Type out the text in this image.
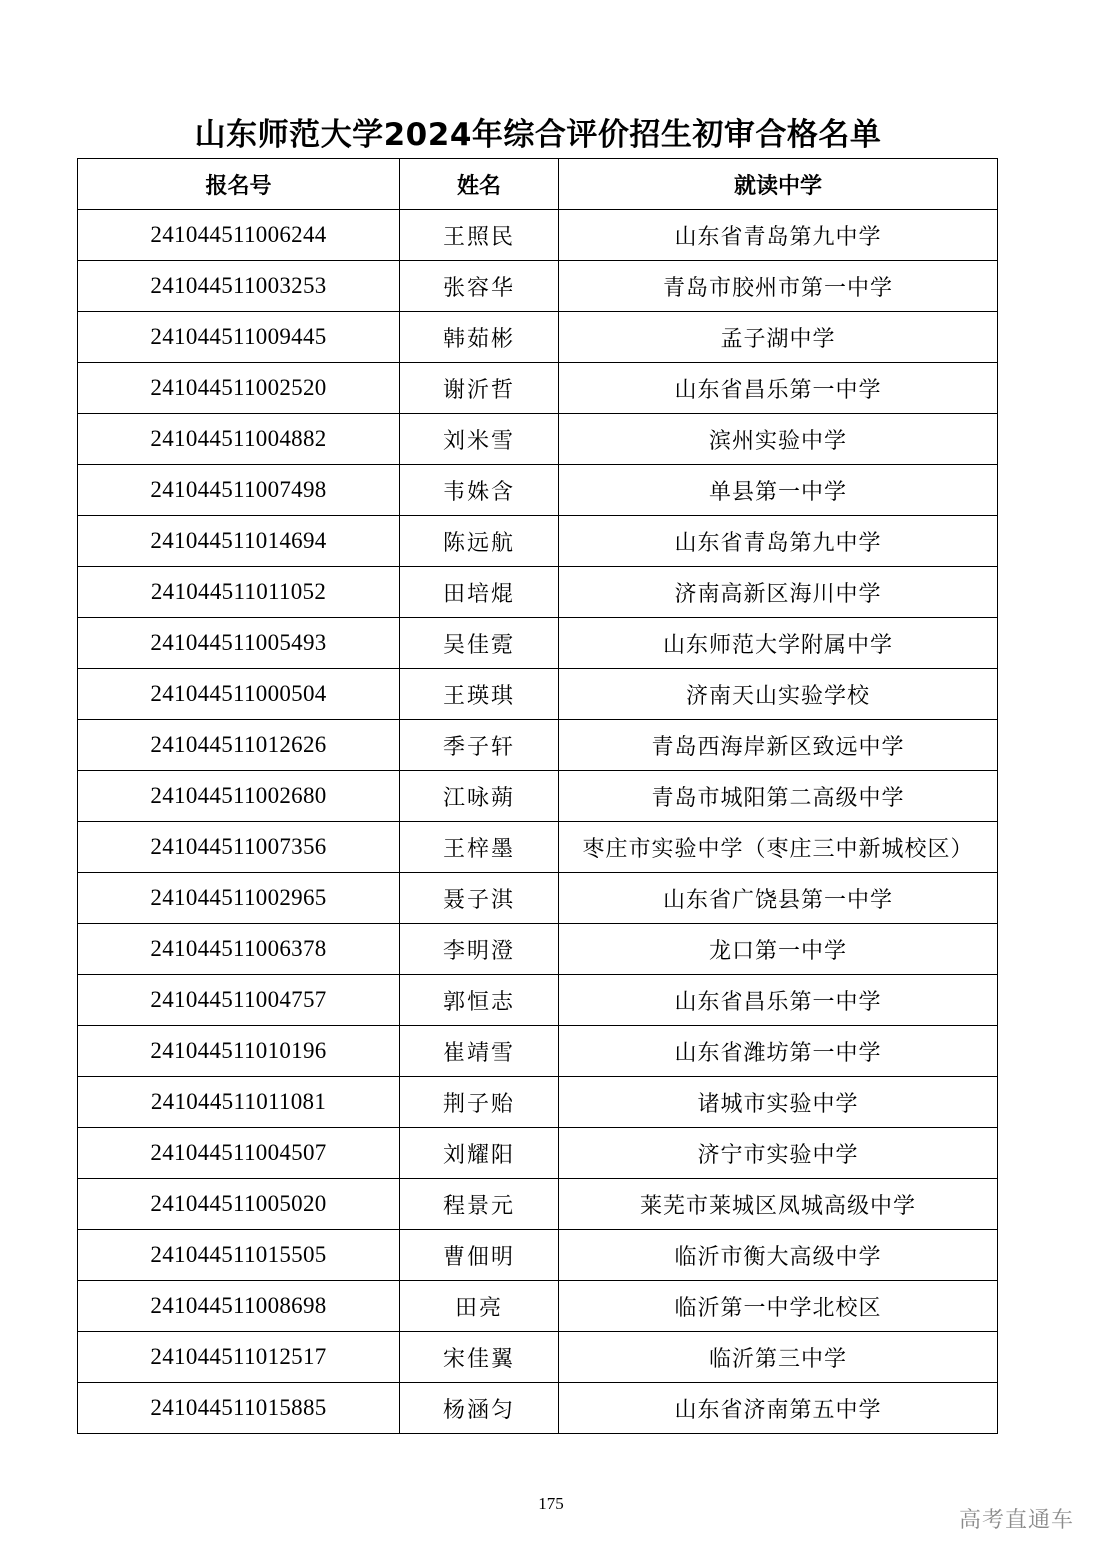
山东师范大学2024年综合评价招生初审合格名单
报名号	姓名	就读中学
241044511006244	王照民	山东省青岛第九中学
241044511003253	张容华	青岛市胶州市第一中学
241044511009445	韩茹彬	孟子湖中学
241044511002520	谢沂哲	山东省昌乐第一中学
241044511004882	刘米雪	滨州实验中学
241044511007498	韦姝含	单县第一中学
241044511014694	陈远航	山东省青岛第九中学
241044511011052	田培焜	济南高新区海川中学
241044511005493	吴佳霓	山东师范大学附属中学
241044511000504	王瑛琪	济南天山实验学校
241044511012626	季子轩	青岛西海岸新区致远中学
241044511002680	江咏蒴	青岛市城阳第二高级中学
241044511007356	王梓墨	枣庄市实验中学（枣庄三中新城校区）
241044511002965	聂子淇	山东省广饶县第一中学
241044511006378	李明澄	龙口第一中学
241044511004757	郭恒志	山东省昌乐第一中学
241044511010196	崔靖雪	山东省潍坊第一中学
241044511011081	荆子贻	诸城市实验中学
241044511004507	刘耀阳	济宁市实验中学
241044511005020	程景元	莱芜市莱城区凤城高级中学
241044511015505	曹佃明	临沂市衡大高级中学
241044511008698	田亮	临沂第一中学北校区
241044511012517	宋佳翼	临沂第三中学
241044511015885	杨涵匀	山东省济南第五中学
175
高考直通车
